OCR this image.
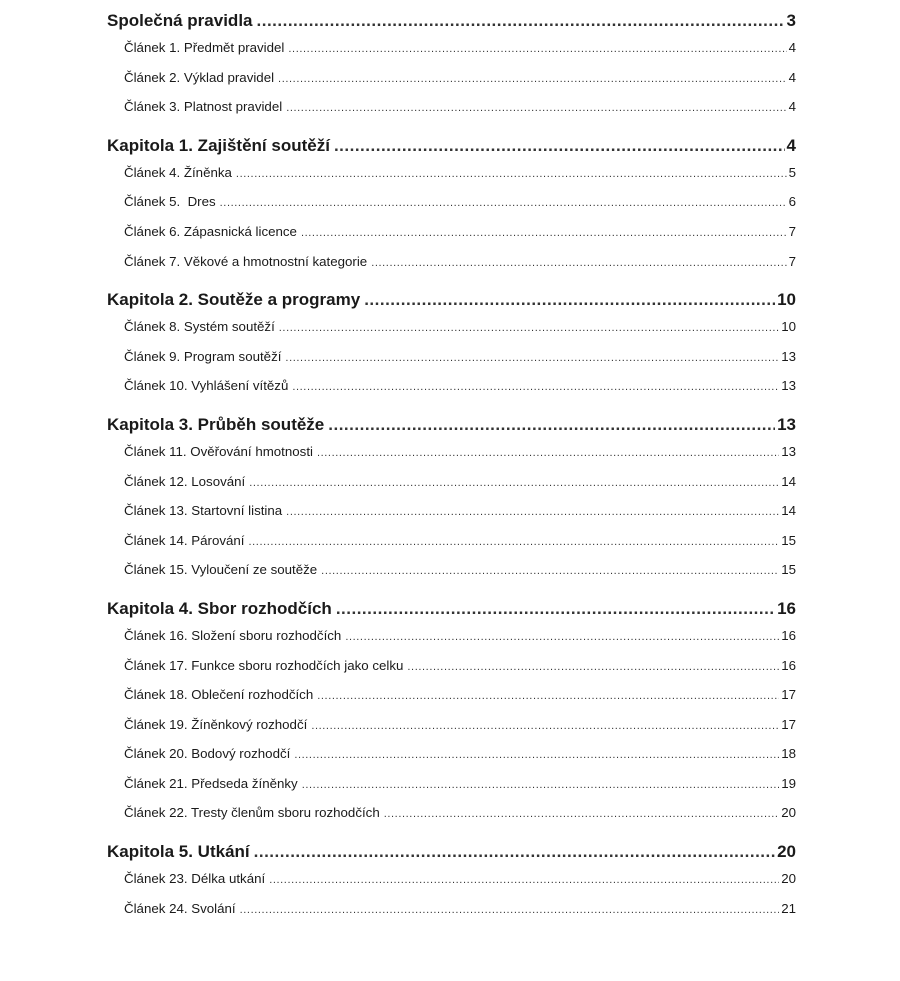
Společná pravidla .....	3
Článek 1. Předmět pravidel .....	4
Článek 2. Výklad pravidel .....	4
Článek 3. Platnost pravidel .....	4
Kapitola 1. Zajištění soutěží .....	4
Článek 4. Žíněnka .....	5
Článek 5.  Dres .....	6
Článek 6. Zápasnická licence .....	7
Článek 7. Věkové a hmotnostní kategorie .....	7
Kapitola 2. Soutěže a programy .....	10
Článek 8. Systém soutěží .....	10
Článek 9. Program soutěží .....	13
Článek 10. Vyhlášení vítězů .....	13
Kapitola 3. Průběh soutěže .....	13
Článek 11. Ověřování hmotnosti .....	13
Článek 12. Losování .....	14
Článek 13. Startovní listina .....	14
Článek 14. Párování .....	15
Článek 15. Vyloučení ze soutěže .....	15
Kapitola 4. Sbor rozhodčích .....	16
Článek 16. Složení sboru rozhodčích .....	16
Článek 17. Funkce sboru rozhodčích jako celku .....	16
Článek 18. Oblečení rozhodčích .....	17
Článek 19. Žíněnkový rozhodčí .....	17
Článek 20. Bodový rozhodčí .....	18
Článek 21. Předseda žíněnky .....	19
Článek 22. Tresty členům sboru rozhodčích .....	20
Kapitola 5. Utkání .....	20
Článek 23. Délka utkání .....	20
Článek 24. Svolání .....	21
